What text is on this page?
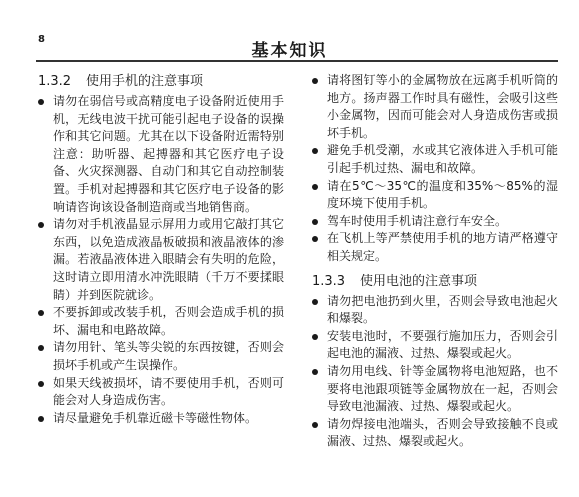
8
基本知识
1.3.2	使用手机的注意事项
请勿在弱信号或高精度电子设备附近使用手机，无线电波干扰可能引起电子设备的误操作和其它问题。尤其在以下设备附近需特别注意：助听器、起搏器和其它医疗电子设备、火灾探测器、自动门和其它自动控制装置。手机对起搏器和其它医疗电子设备的影响请咨询该设备制造商或当地销售商。
请勿对手机液晶显示屏用力或用它敲打其它东西，以免造成液晶板破损和液晶液体的渗漏。若液晶液体进入眼睛会有失明的危险，这时请立即用清水冲洗眼睛（千万不要揉眼睛）并到医院就诊。
不要拆卸或改装手机，否则会造成手机的损坏、漏电和电路故障。
请勿用针、笔头等尖锐的东西按键，否则会损坏手机或产生误操作。
如果天线被损坏，请不要使用手机，否则可能会对人身造成伤害。
请尽量避免手机靠近磁卡等磁性物体。
请将图钉等小的金属物放在远离手机听筒的地方。扬声器工作时具有磁性，会吸引这些小金属物，因而可能会对人身造成伤害或损坏手机。
避免手机受潮，水或其它液体进入手机可能引起手机过热、漏电和故障。
请在5℃～35℃的温度和35%～85%的湿度环境下使用手机。
驾车时使用手机请注意行车安全。
在飞机上等严禁使用手机的地方请严格遵守相关规定。
1.3.3	使用电池的注意事项
请勿把电池扔到火里，否则会导致电池起火和爆裂。
安装电池时，不要强行施加压力，否则会引起电池的漏液、过热、爆裂或起火。
请勿用电线、针等金属物将电池短路，也不要将电池跟项链等金属物放在一起，否则会导致电池漏液、过热、爆裂或起火。
请勿焊接电池端头，否则会导致接触不良或漏液、过热、爆裂或起火。
